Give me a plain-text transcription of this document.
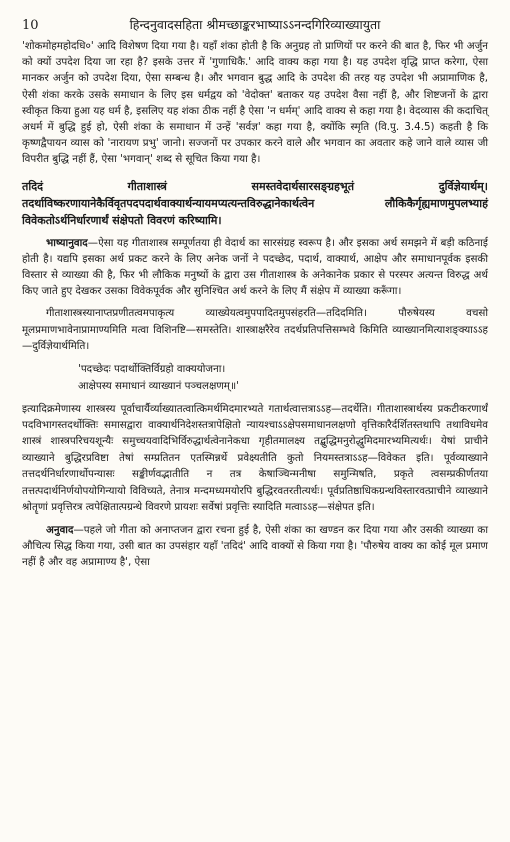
10	हिन्दनुवादसहिता श्रीमच्छाङ्करभाष्याऽऽनन्दगिरिव्याख्यायुता

'शोकमोहमहोदधि०' आदि विशेषण दिया गया है। यहाँ शंका होती है कि अनुग्रह तो प्राणियों पर करने की बात है, फिर भी अर्जुन को क्यों उपदेश दिया जा रहा है? इसके उत्तर में 'गुणाधिकै.' आदि वाक्य कहा गया है। यह उपदेश वृद्धि प्राप्त करेगा, ऐसा मानकर अर्जुन को उपदेश दिया, ऐसा सम्बन्ध है। और भगवान बुद्ध आदि के उपदेश की तरह यह उपदेश भी अप्रामाणिक है, ऐसी शंका करके उसके समाधान के लिए इस धर्मद्वय को 'वेदोक्त' बताकर यह उपदेश वैसा नहीं है, और शिष्टजनों के द्वारा स्वीकृत किया हुआ यह धर्म है, इसलिए यह शंका ठीक नहीं है ऐसा 'न धर्मम्' आदि वाक्य से कहा गया है। वेदव्यास की कदाचित् अधर्म में बुद्धि हुई हो, ऐसी शंका के समाधान में उन्हें 'सर्वज्ञ' कहा गया है, क्योंकि स्मृति (वि.पु. 3.4.5) कहती है कि कृष्णद्वैपायन व्यास को 'नारायण प्रभु' जानो। सज्जनों पर उपकार करने वाले और भगवान का अवतार कहे जाने वाले व्यास जी विपरीत बुद्धि नहीं हैं, ऐसा 'भगवान्' शब्द से सूचित किया गया है।

तदिदं गीताशास्त्रं समस्तवेदार्थसारसङ्ग्रहभूतं दुर्विज्ञेयार्थम्। तदर्थाविष्करणायानेकैर्विवृतपदपदार्थवाक्यार्थन्यायमप्यत्यन्तविरुद्धानेकार्थत्वेन लौकिकैर्गृह्यमाणमुपलभ्याहं विवेकतोऽर्थनिर्धारणार्थं संक्षेपतो विवरणं करिष्यामि।

भाष्यानुवाद—ऐसा यह गीताशास्त्र सम्पूर्णतया ही वेदार्थ का सारसंग्रह स्वरूप है। और इसका अर्थ समझने में बड़ी कठिनाई होती है। यद्यपि इसका अर्थ प्रकट करने के लिए अनेक जनों ने पदच्छेद, पदार्थ, वाक्यार्थ, आक्षेप और समाधानपूर्वक इसकी विस्तार से व्याख्या की है, फिर भी लौकिक मनुष्यों के द्वारा उस गीताशास्त्र के अनेकानेक प्रकार से परस्पर अत्यन्त विरुद्ध अर्थ किए जाते हुए देखकर उसका विवेकपूर्वक और सुनिश्चित अर्थ करने के लिए मैं संक्षेप में व्याख्या करूँगा।

गीताशास्त्रस्यानाप्तप्रणीतत्वमपाकृत्य व्याख्येयत्वमुपपादितमुपसंहरति—तदिदमिति। पौरुषेयस्य वचसो मूलप्रमाणभावेनाप्रामाण्यमिति मत्वा विशिनष्टि—समस्तेति। शास्त्राक्षरैरेव तदर्थप्रतिपत्तिसम्भवे किमिति व्याख्यानमित्याशङ्क्याऽऽह—दुर्विज्ञेयार्थमिति।

'पदच्छेदः पदार्थोक्तिर्विग्रहो वाक्ययोजना।
आक्षेपस्य समाधानं व्याख्यानं पञ्चलक्षणम्॥'

इत्यादिक्रमेणास्य शास्त्रस्य पूर्वाचार्यैर्व्याख्यातत्वात्किमर्थमिदमारभ्यते गतार्थत्वात्तत्राऽऽह—तदर्थेति। गीताशास्त्रार्थस्य प्रकटीकरणार्थं पदविभागस्तदर्थोक्तिः समासद्वारा वाक्यार्थनिदेशस्तत्रापेक्षितो न्यायश्चाऽऽक्षेपसमाधानलक्षणो वृत्तिकारैर्दर्शितस्तथापि तथाविधमेव शास्त्रं शास्त्रपरिचयशून्यैः समुच्चयवादिभिर्विरुद्धार्थत्वेनानेकधा गृहीतमालक्ष्य तद्बुद्धिमनुरोद्धुमिदमारभ्यमित्यर्थः। येषां प्राचीने व्याख्याने बुद्धिरप्रविष्टा तेषां सम्प्रतितन एतस्मिन्नर्थे प्रवेक्ष्यतीति कुतो नियमस्तत्राऽऽह—विवेकत इति। पूर्वव्याख्याने तत्तदर्थनिर्धारणार्थोपन्यासः सङ्कीर्णवद्भातीति न तत्र केषाञ्चिन्मनीषा समुन्मिषति, प्रकृते त्वसम्प्रकीर्णतया तत्तत्पदार्थनिर्णयोपयोगिन्यायो विविच्यते, तेनात्र मन्दमध्यमयोरपि बुद्धिरवतरतीत्यर्थः। पूर्वप्रतिष्ठाधिकग्रन्थविस्तारवत्प्राचीने व्याख्याने श्रोतॄणां प्रवृत्तिरत्र त्वपेक्षितात्पग्रन्थे विवरणे प्रायशः सर्वेषां प्रवृत्तिः स्यादिति मत्वाऽऽह—संक्षेपत इति।

अनुवाद—पहले जो गीता को अनाप्तजन द्वारा रचना हुई है, ऐसी शंका का खण्डन कर दिया गया और उसकी व्याख्या का औचित्य सिद्ध किया गया, उसी बात का उपसंहार यहाँ 'तदिदं' आदि वाक्यों से किया गया है। 'पौरुषेय वाक्य का कोई मूल प्रमाण नहीं है और वह अप्रामाण्य है', ऐसा
